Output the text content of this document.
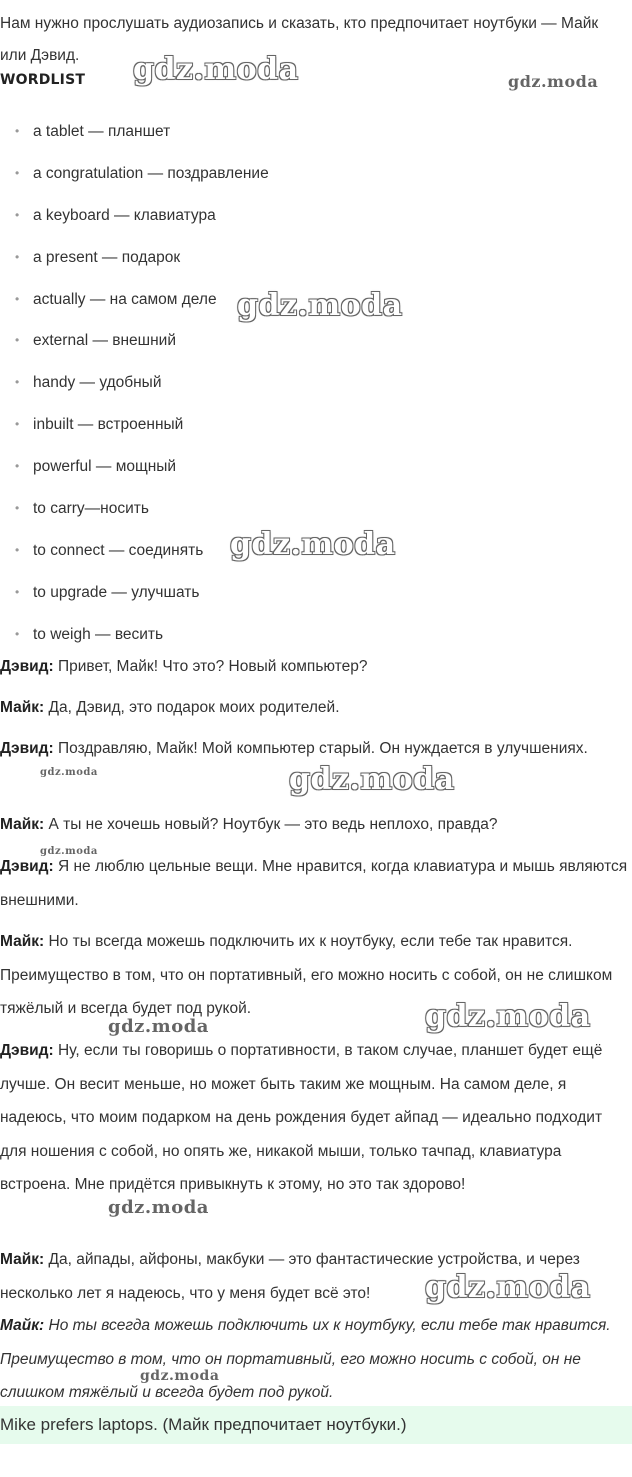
Нам нужно прослушать аудиозапись и сказать, кто предпочитает ноутбуки — Майк или Дэвид.
WORDLIST
• a tablet — планшет
• a congratulation — поздравление
• a keyboard — клавиатура
• a present — подарок
• actually — на самом деле
• external — внешний
• handy — удобный
• inbuilt — встроенный
• powerful — мощный
• to carry—носить
• to connect — соединять
• to upgrade — улучшать
• to weigh — весить
Дэвид: Привет, Майк! Что это? Новый компьютер?
Майк: Да, Дэвид, это подарок моих родителей.
Дэвид: Поздравляю, Майк! Мой компьютер старый. Он нуждается в улучшениях.
Майк: А ты не хочешь новый? Ноутбук — это ведь неплохо, правда?
Дэвид: Я не люблю цельные вещи. Мне нравится, когда клавиатура и мышь являются внешними.
Майк: Но ты всегда можешь подключить их к ноутбуку, если тебе так нравится. Преимущество в том, что он портативный, его можно носить с собой, он не слишком тяжёлый и всегда будет под рукой.
Дэвид: Ну, если ты говоришь о портативности, в таком случае, планшет будет ещё лучше. Он весит меньше, но может быть таким же мощным. На самом деле, я надеюсь, что моим подарком на день рождения будет айпад — идеально подходит для ношения с собой, но опять же, никакой мыши, только тачпад, клавиатура встроена. Мне придётся привыкнуть к этому, но это так здорово!
Майк: Да, айпады, айфоны, макбуки — это фантастические устройства, и через несколько лет я надеюсь, что у меня будет всё это!
Майк: Но ты всегда можешь подключить их к ноутбуку, если тебе так нравится. Преимущество в том, что он портативный, его можно носить с собой, он не слишком тяжёлый и всегда будет под рукой.
Mike prefers laptops. (Майк предпочитает ноутбуки.)
gdz.moda	gdz.moda
gdz.moda
gdz.moda
gdz.moda	gdz.moda
gdz.moda
gdz.moda
gdz.moda
gdz.moda
gdz.moda
gdz.moda
